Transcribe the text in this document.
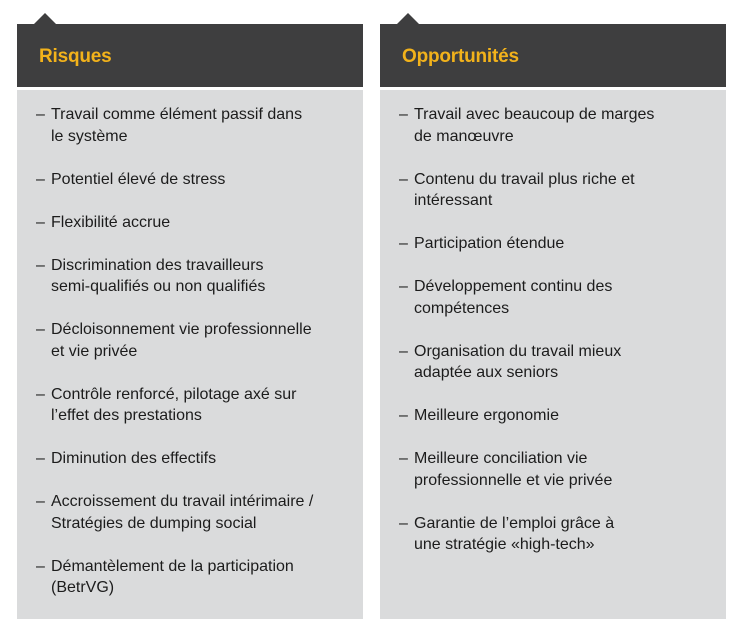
Risques
– Travail comme élément passif dans
le système
– Potentiel élevé de stress
– Flexibilité accrue
– Discrimination des travailleurs
semi-qualifiés ou non qualifiés
– Décloisonnement vie professionnelle
et vie privée
– Contrôle renforcé, pilotage axé sur
l’effet des prestations
– Diminution des effectifs
– Accroissement du travail intérimaire /
Stratégies de dumping social
– Démantèlement de la participation
(BetrVG)
Opportunités
– Travail avec beaucoup de marges
de manœuvre
– Contenu du travail plus riche et
intéressant
– Participation étendue
– Développement continu des
compétences
– Organisation du travail mieux
adaptée aux seniors
– Meilleure ergonomie
– Meilleure conciliation vie
professionnelle et vie privée
– Garantie de l’emploi grâce à
une stratégie «high-tech»
